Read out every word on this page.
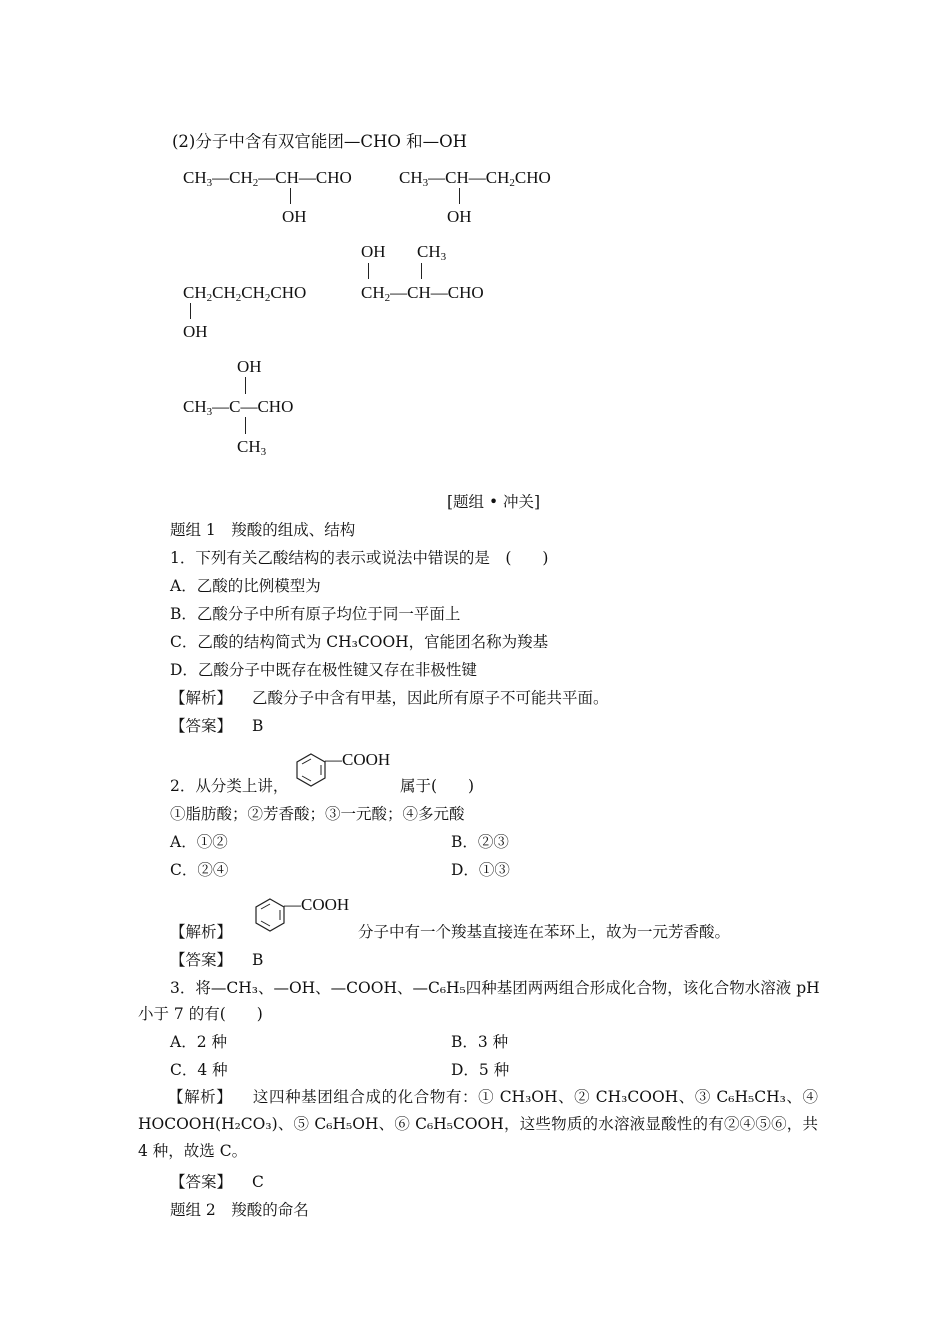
(2)分子中含有双官能团—CHO 和—OH
$CH_3—CH_2—CH—CHO$
OH
$CH_3—CH—CH_2CHO$
OH
$CH_2CH_2CH_2CHO$
OH
OH $CH_3$
$CH_2—CH—CHO$
OH
$CH_3—C—CHO$
$CH_3$
[题组 • 冲关]
题组 1　羧酸的组成、结构
1．下列有关乙酸结构的表示或说法中错误的是　(　　)
A．乙酸的比例模型为
B．乙酸分子中所有原子均位于同一平面上
C．乙酸的结构简式为 CH₃COOH，官能团名称为羧基
D．乙酸分子中既存在极性键又存在非极性键
【解析】 乙酸分子中含有甲基，因此所有原子不可能共平面。
【答案】 B
2．从分类上讲，
—COOH
属于(　　)
①脂肪酸；②芳香酸；③一元酸；④多元酸
A．①②	B．②③
C．②④	D．①③
【解析】
—COOH
分子中有一个羧基直接连在苯环上，故为一元芳香酸。
【答案】 B
3．将—CH₃、—OH、—COOH、—C₆H₅四种基团两两组合形成化合物，该化合物水溶液 pH
小于 7 的有(　　)
A．2 种	B．3 种
C．4 种	D．5 种
【解析】 这四种基团组合成的化合物有：① CH₃OH、② CH₃COOH、③ C₆H₅CH₃、④ HOCOOH(H₂CO₃)、⑤ C₆H₅OH、⑥ C₆H₅COOH，这些物质的水溶液显酸性的有②④⑤⑥，共 4 种，故选 C。
【答案】 C
题组 2　羧酸的命名
